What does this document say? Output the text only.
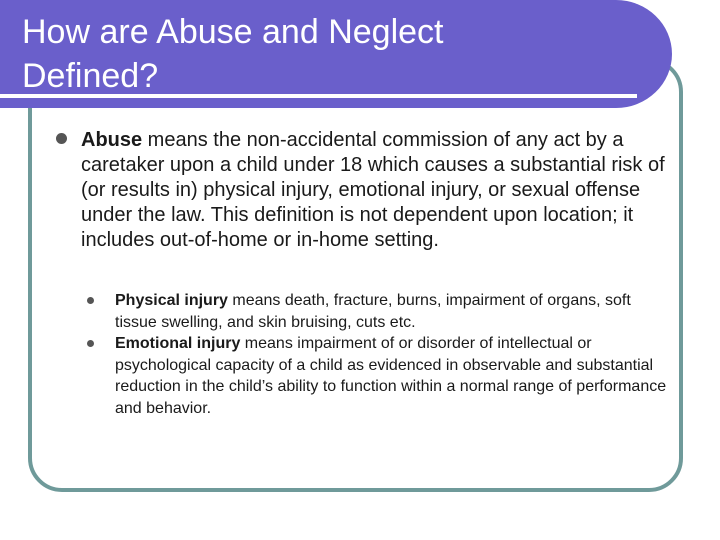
How are Abuse and Neglect
Defined?

Abuse means the non-accidental commission of any act by a caretaker upon a child under 18 which causes a substantial risk of (or results in) physical injury, emotional injury, or sexual offense under the law. This definition is not dependent upon location; it includes out-of-home or in-home setting.

Physical injury means death, fracture, burns, impairment of organs, soft tissue swelling, and skin bruising, cuts etc.
Emotional injury means impairment of or disorder of intellectual or psychological capacity of a child as evidenced in observable and substantial reduction in the child’s ability to function within a normal range of performance and behavior.
